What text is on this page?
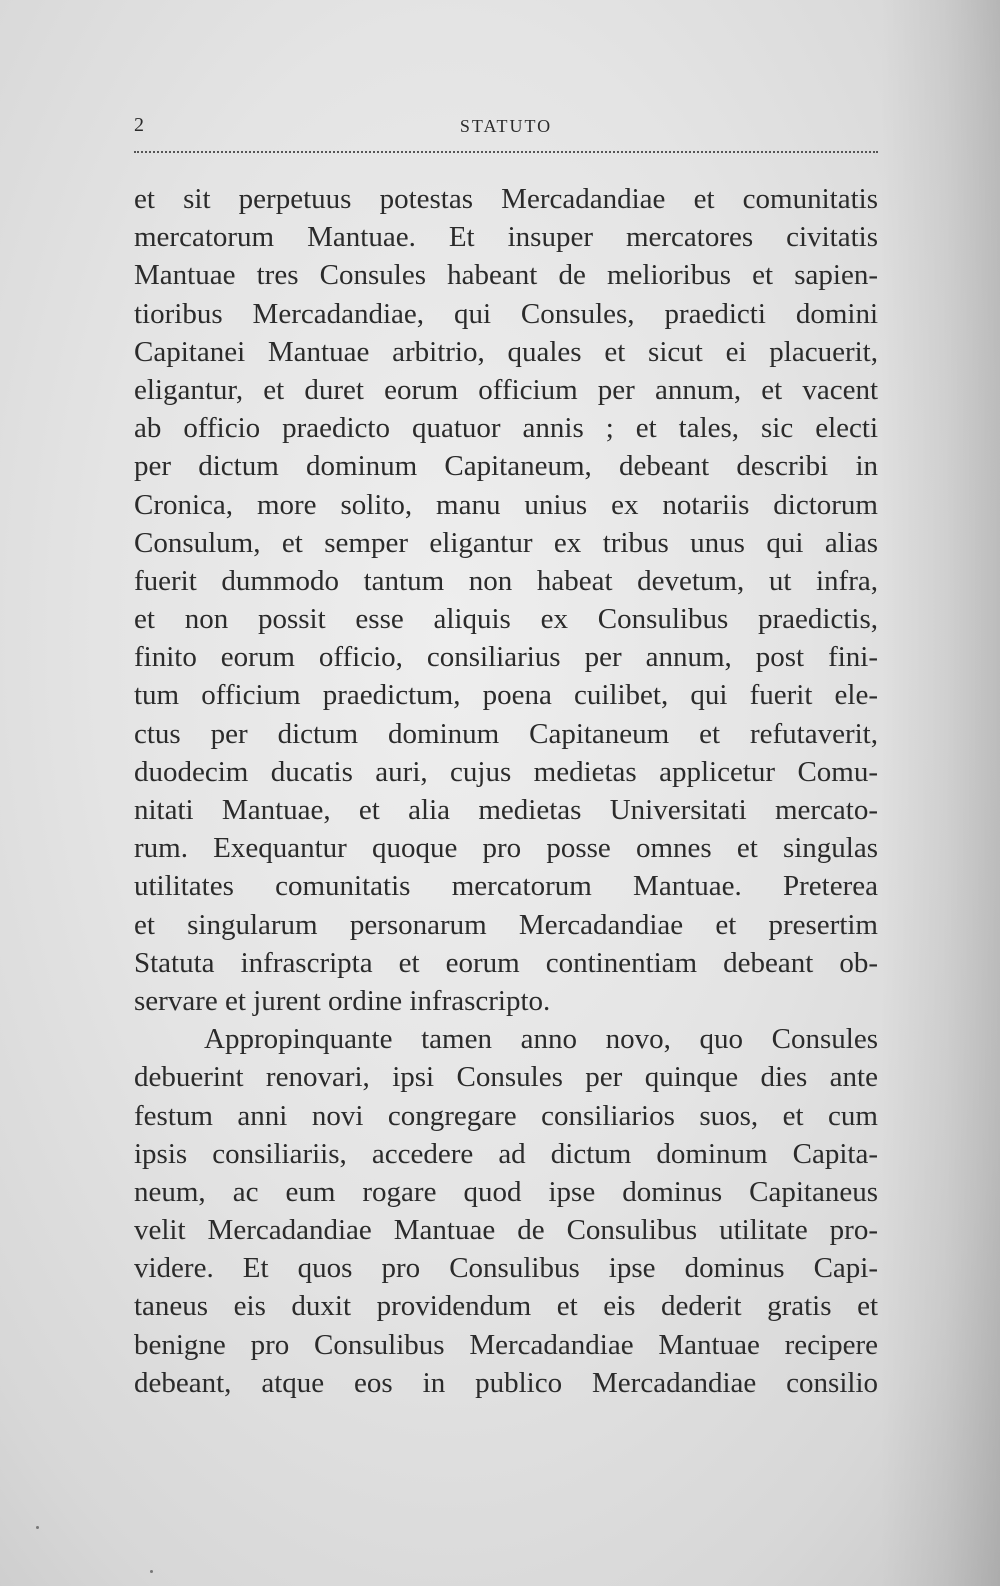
2	STATUTO
et sit perpetuus potestas Mercadandiae et comunitatis
mercatorum Mantuae. Et insuper mercatores civitatis
Mantuae tres Consules habeant de melioribus et sapien-
tioribus Mercadandiae, qui Consules, praedicti domini
Capitanei Mantuae arbitrio, quales et sicut ei placuerit,
eligantur, et duret eorum officium per annum, et vacent
ab officio praedicto quatuor annis ; et tales, sic electi
per dictum dominum Capitaneum, debeant describi in
Cronica, more solito, manu unius ex notariis dictorum
Consulum, et semper eligantur ex tribus unus qui alias
fuerit dummodo tantum non habeat devetum, ut infra,
et non possit esse aliquis ex Consulibus praedictis,
finito eorum officio, consiliarius per annum, post fini-
tum officium praedictum, poena cuilibet, qui fuerit ele-
ctus per dictum dominum Capitaneum et refutaverit,
duodecim ducatis auri, cujus medietas applicetur Comu-
nitati Mantuae, et alia medietas Universitati mercato-
rum. Exequantur quoque pro posse omnes et singulas
utilitates comunitatis mercatorum Mantuae. Preterea
et singularum personarum Mercadandiae et presertim
Statuta infrascripta et eorum continentiam debeant ob-
servare et jurent ordine infrascripto.
Appropinquante tamen anno novo, quo Consules
debuerint renovari, ipsi Consules per quinque dies ante
festum anni novi congregare consiliarios suos, et cum
ipsis consiliariis, accedere ad dictum dominum Capita-
neum, ac eum rogare quod ipse dominus Capitaneus
velit Mercadandiae Mantuae de Consulibus utilitate pro-
videre. Et quos pro Consulibus ipse dominus Capi-
taneus eis duxit providendum et eis dederit gratis et
benigne pro Consulibus Mercadandiae Mantuae recipere
debeant, atque eos in publico Mercadandiae consilio
